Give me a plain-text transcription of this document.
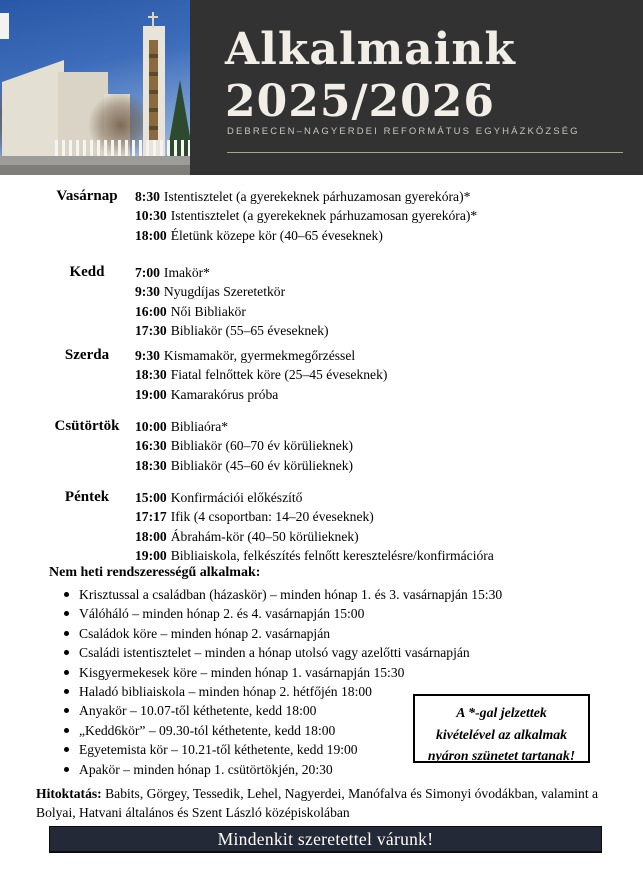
Alkalmaink
2025/2026
DEBRECEN–NAGYERDEI REFORMÁTUS EGYHÁZKÖZSÉG
Vasárnap	8:30 Istentisztelet (a gyerekeknek párhuzamosan gyerekóra)*
10:30 Istentisztelet (a gyerekeknek párhuzamosan gyerekóra)*
18:00 Életünk közepe kör (40–65 éveseknek)
Kedd	7:00 Imakör*
9:30 Nyugdíjas Szeretetkör
16:00 Női Bibliakör
17:30 Bibliakör (55–65 éveseknek)
Szerda	9:30 Kismamakör, gyermekmegőrzéssel
18:30 Fiatal felnőttek köre (25–45 éveseknek)
19:00 Kamarakórus próba
Csütörtök	10:00 Bibliaóra*
16:30 Bibliakör (60–70 év körülieknek)
18:30 Bibliakör (45–60 év körülieknek)
Péntek	15:00 Konfirmációi előkészítő
17:17 Ifik (4 csoportban: 14–20 éveseknek)
18:00 Ábrahám-kör (40–50 körülieknek)
19:00 Bibliaiskola, felkészítés felnőtt keresztelésre/konfirmációra
Nem heti rendszerességű alkalmak:
Krisztussal a családban (házaskör) – minden hónap 1. és 3. vasárnapján 15:30
Válóháló – minden hónap 2. és 4. vasárnapján 15:00
Családok köre – minden hónap 2. vasárnapján
Családi istentisztelet – minden a hónap utolsó vagy azelőtti vasárnapján
Kisgyermekesek köre – minden hónap 1. vasárnapján 15:30
Haladó bibliaiskola – minden hónap 2. hétfőjén 18:00
Anyakör – 10.07-től kéthetente, kedd 18:00
„Kedd6kör” – 09.30-tól kéthetente, kedd 18:00
Egyetemista kör – 10.21-től kéthetente, kedd 19:00
Apakör – minden hónap 1. csütörtökjén, 20:30
A *-gal jelzettek
kivételével az alkalmak
nyáron szünetet tartanak!
Hitoktatás: Babits, Görgey, Tessedik, Lehel, Nagyerdei, Manófalva és Simonyi óvodákban, valamint a Bolyai, Hatvani általános és Szent László középiskolában
Mindenkit szeretettel várunk!
